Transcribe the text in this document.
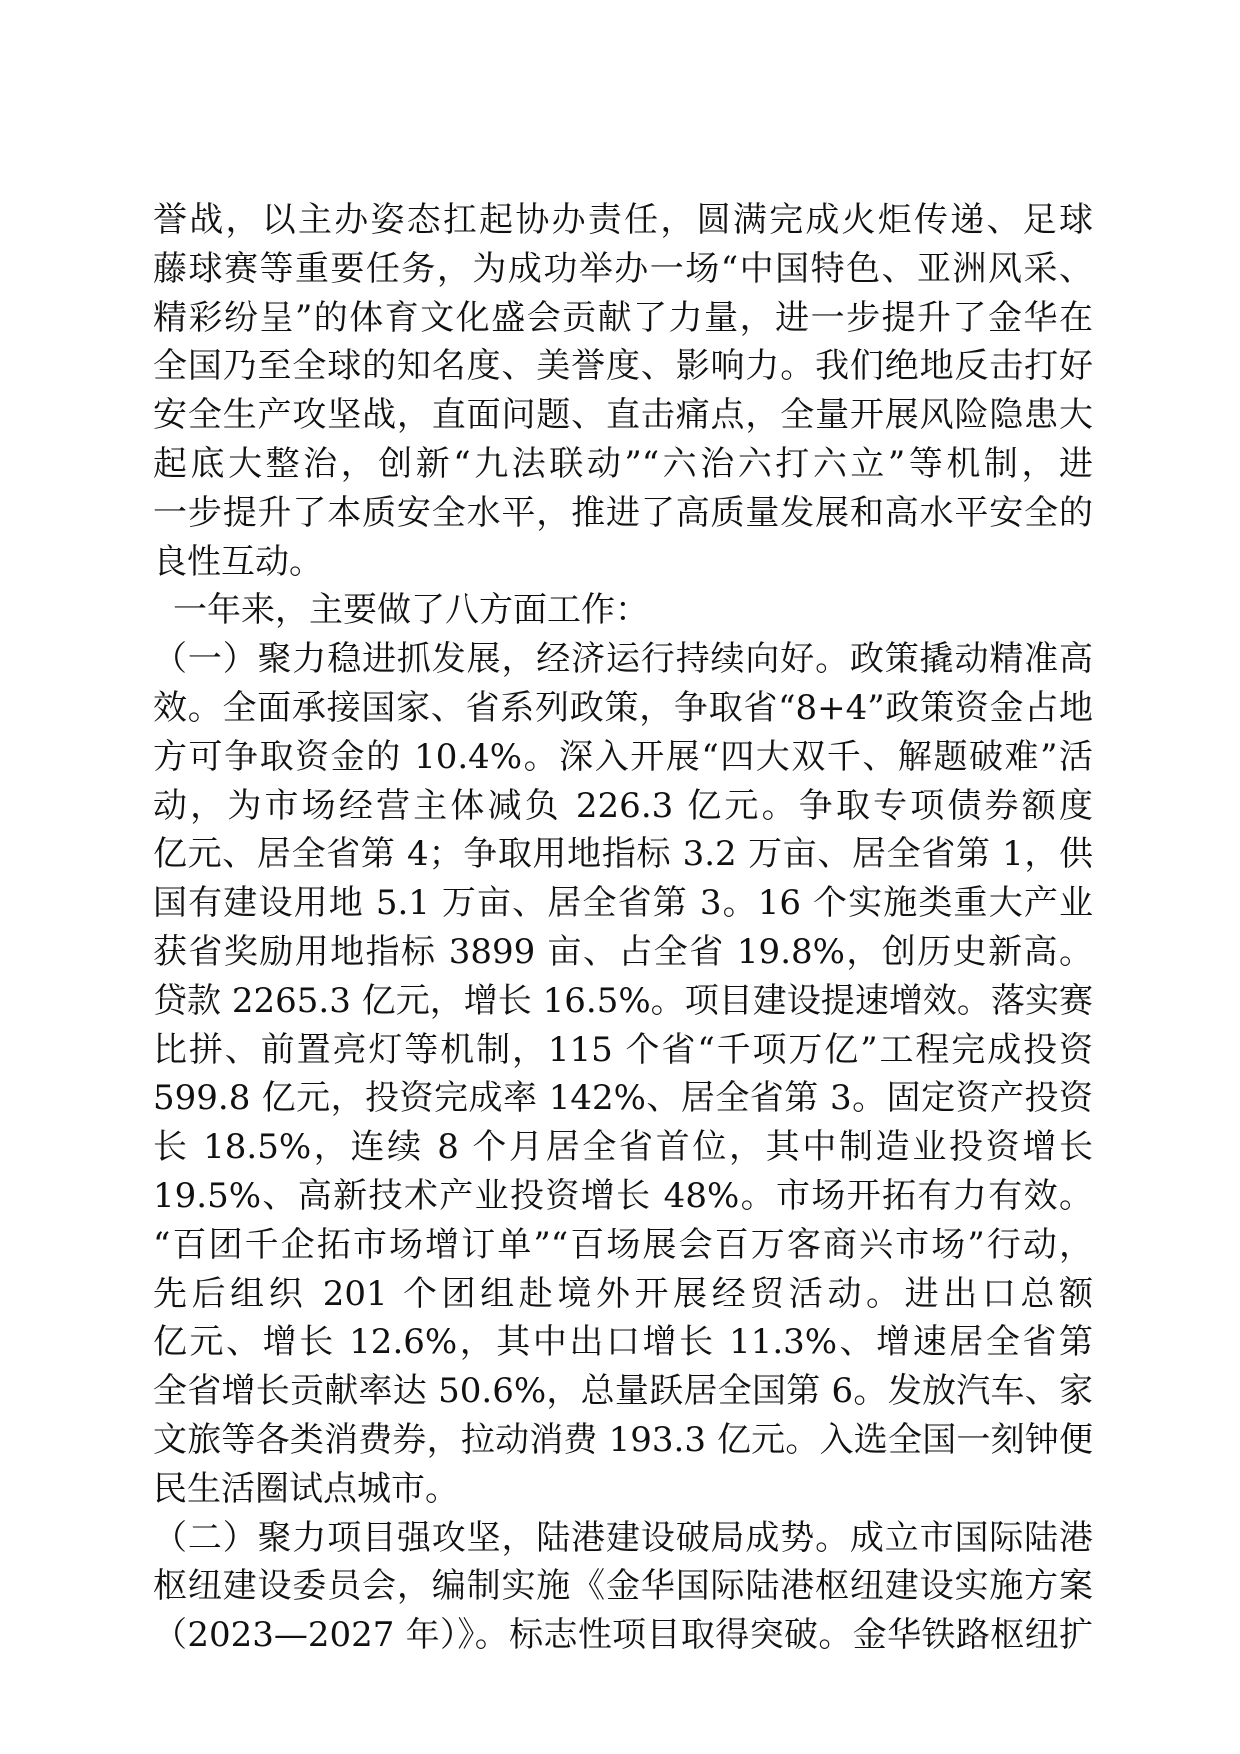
誉战，以主办姿态扛起协办责任，圆满完成火炬传递、足球
藤球赛等重要任务，为成功举办一场“中国特色、亚洲风采、
精彩纷呈”的体育文化盛会贡献了力量，进一步提升了金华在
全国乃至全球的知名度、美誉度、影响力。我们绝地反击打好
安全生产攻坚战，直面问题、直击痛点，全量开展风险隐患大
起底大整治，创新“九法联动”“六治六打六立”等机制，进
一步提升了本质安全水平，推进了高质量发展和高水平安全的
良性互动。
一年来，主要做了八方面工作：
（一）聚力稳进抓发展，经济运行持续向好。政策撬动精准高
效。全面承接国家、省系列政策，争取省“8+4”政策资金占地
方可争取资金的 10.4%。深入开展“四大双千、解题破难”活
动，为市场经营主体减负 226.3 亿元。争取专项债券额度
亿元、居全省第 4；争取用地指标 3.2 万亩、居全省第 1，供
国有建设用地 5.1 万亩、居全省第 3。16 个实施类重大产业
获省奖励用地指标 3899 亩、占全省 19.8%，创历史新高。
贷款 2265.3 亿元，增长 16.5%。项目建设提速增效。落实赛
比拼、前置亮灯等机制，115 个省“千项万亿”工程完成投资
599.8 亿元，投资完成率 142%、居全省第 3。固定资产投资
长 18.5%，连续 8 个月居全省首位，其中制造业投资增长
19.5%、高新技术产业投资增长 48%。市场开拓有力有效。
“百团千企拓市场增订单”“百场展会百万客商兴市场”行动，
先后组织 201 个团组赴境外开展经贸活动。进出口总额
亿元、增长 12.6%，其中出口增长 11.3%、增速居全省第
全省增长贡献率达 50.6%，总量跃居全国第 6。发放汽车、家
文旅等各类消费券，拉动消费 193.3 亿元。入选全国一刻钟便
民生活圈试点城市。
（二）聚力项目强攻坚，陆港建设破局成势。成立市国际陆港
枢纽建设委员会，编制实施《金华国际陆港枢纽建设实施方案
（2023—2027 年）》。标志性项目取得突破。金华铁路枢纽扩
